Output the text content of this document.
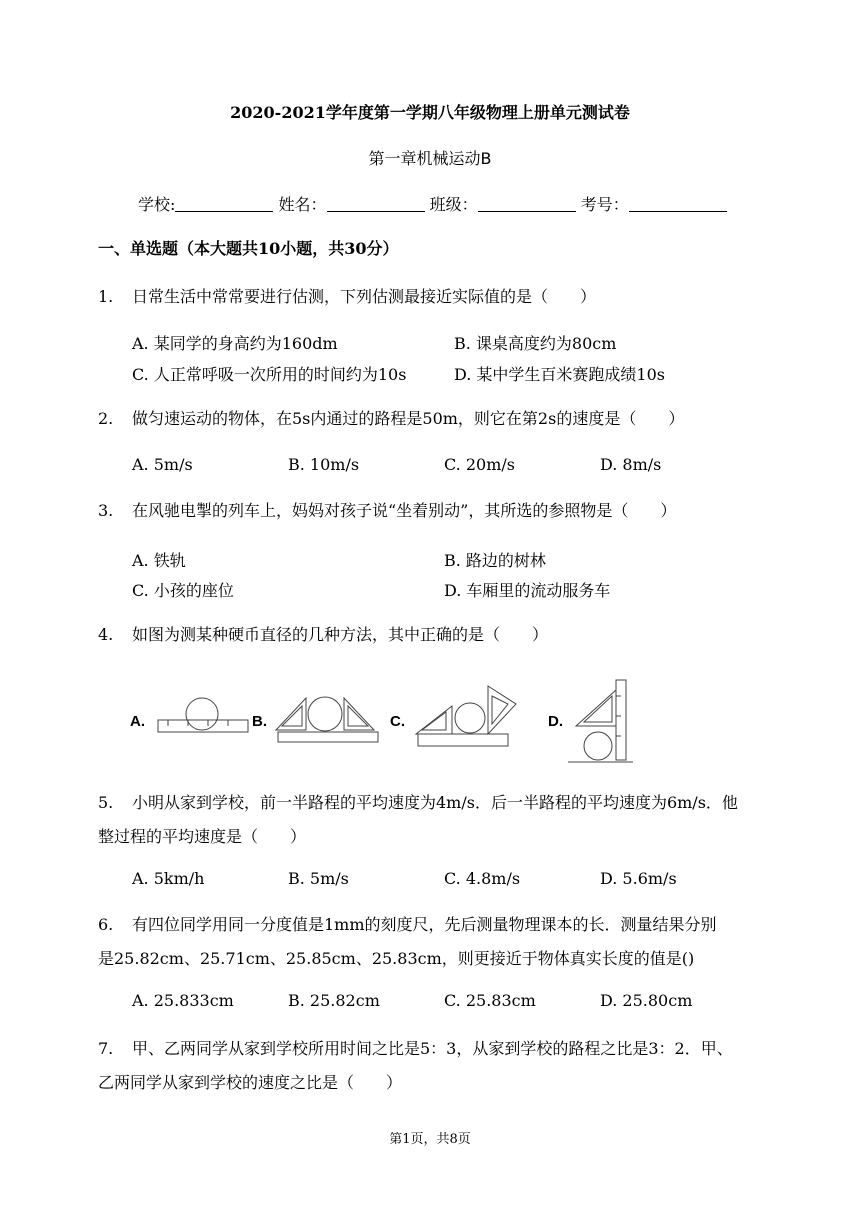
2020-2021学年度第一学期八年级物理上册单元测试卷
第一章机械运动B
学校:	姓名：	班级：	考号：
一、单选题（本大题共10小题，共30分）
1. 日常生活中常常要进行估测，下列估测最接近实际值的是（　　）
A. 某同学的身高约为160dm	B. 课桌高度约为80cm
C. 人正常呼吸一次所用的时间约为10s	D. 某中学生百米赛跑成绩10s
2. 做匀速运动的物体，在5s内通过的路程是50m，则它在第2s的速度是（　　）
A. 5m/s	B. 10m/s	C. 20m/s	D. 8m/s
3. 在风驰电掣的列车上，妈妈对孩子说“坐着别动”，其所选的参照物是（　　）
A. 铁轨	B. 路边的树林
C. 小孩的座位	D. 车厢里的流动服务车
4. 如图为测某种硬币直径的几种方法，其中正确的是（　　）
A.	B.	C.	D.
5. 小明从家到学校，前一半路程的平均速度为4m/s．后一半路程的平均速度为6m/s．他
整过程的平均速度是（　　）
A. 5km/h	B. 5m/s	C. 4.8m/s	D. 5.6m/s
6. 有四位同学用同一分度值是1mm的刻度尺，先后测量物理课本的长．测量结果分别
是25.82cm、25.71cm、25.85cm、25.83cm，则更接近于物体真实长度的值是()
A. 25.833cm	B. 25.82cm	C. 25.83cm	D. 25.80cm
7. 甲、乙两同学从家到学校所用时间之比是5：3，从家到学校的路程之比是3：2．甲、
乙两同学从家到学校的速度之比是（　　）
第1页，共8页
